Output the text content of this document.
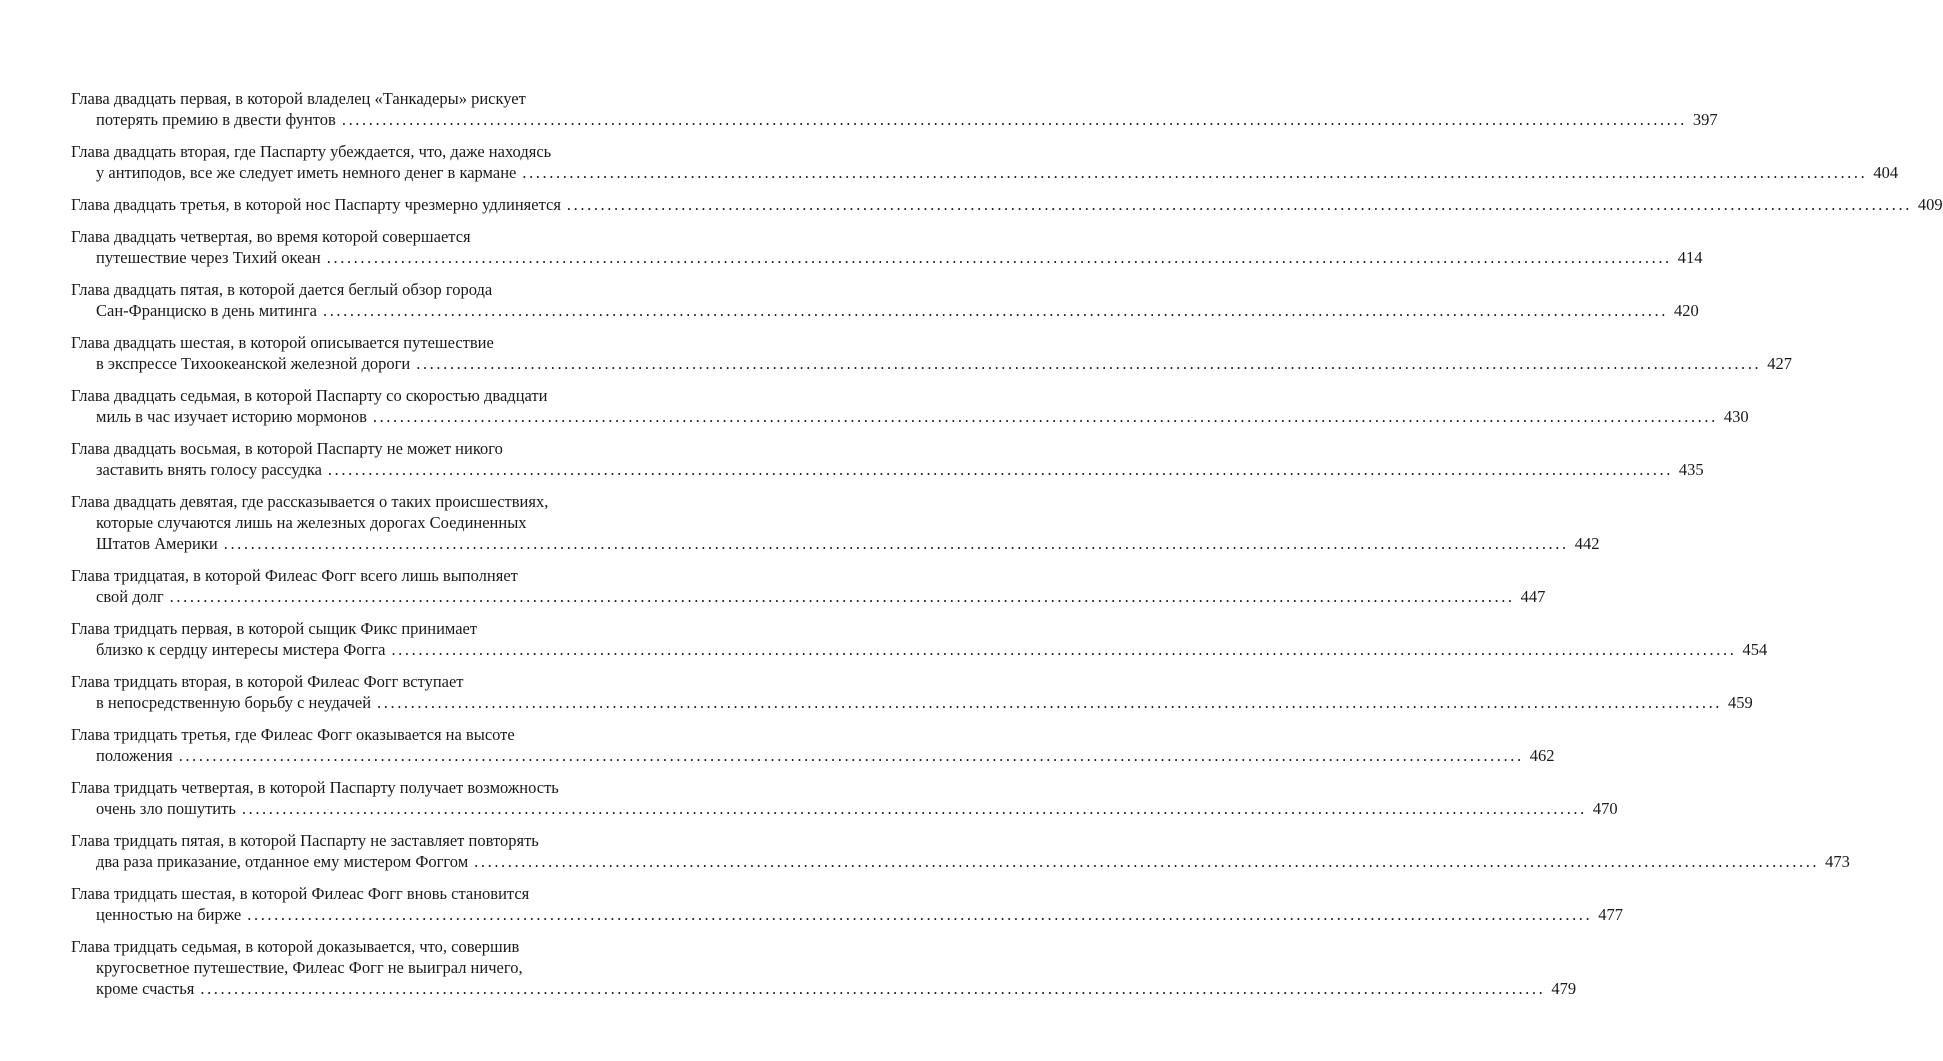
Глава двадцать первая, в которой владелец «Танкадеры» рискует
потерять премию в двести фунтов ........................................................................................................................................................................................................ 397
Глава двадцать вторая, где Паспарту убеждается, что, даже находясь
у антиподов, все же следует иметь немного денег в кармане ........................................................................................................................................................................................................ 404
Глава двадцать третья, в которой нос Паспарту чрезмерно удлиняется ........................................................................................................................................................................................................ 409
Глава двадцать четвертая, во время которой совершается
путешествие через Тихий океан ........................................................................................................................................................................................................ 414
Глава двадцать пятая, в которой дается беглый обзор города
Сан-Франциско в день митинга ........................................................................................................................................................................................................ 420
Глава двадцать шестая, в которой описывается путешествие
в экспрессе Тихоокеанской железной дороги ........................................................................................................................................................................................................ 427
Глава двадцать седьмая, в которой Паспарту со скоростью двадцати
миль в час изучает историю мормонов ........................................................................................................................................................................................................ 430
Глава двадцать восьмая, в которой Паспарту не может никого
заставить внять голосу рассудка ........................................................................................................................................................................................................ 435
Глава двадцать девятая, где рассказывается о таких происшествиях,
которые случаются лишь на железных дорогах Соединенных
Штатов Америки ........................................................................................................................................................................................................ 442
Глава тридцатая, в которой Филеас Фогг всего лишь выполняет
свой долг ........................................................................................................................................................................................................ 447
Глава тридцать первая, в которой сыщик Фикс принимает
близко к сердцу интересы мистера Фогга ........................................................................................................................................................................................................ 454
Глава тридцать вторая, в которой Филеас Фогг вступает
в непосредственную борьбу с неудачей ........................................................................................................................................................................................................ 459
Глава тридцать третья, где Филеас Фогг оказывается на высоте
положения ........................................................................................................................................................................................................ 462
Глава тридцать четвертая, в которой Паспарту получает возможность
очень зло пошутить ........................................................................................................................................................................................................ 470
Глава тридцать пятая, в которой Паспарту не заставляет повторять
два раза приказание, отданное ему мистером Фоггом ........................................................................................................................................................................................................ 473
Глава тридцать шестая, в которой Филеас Фогг вновь становится
ценностью на бирже ........................................................................................................................................................................................................ 477
Глава тридцать седьмая, в которой доказывается, что, совершив
кругосветное путешествие, Филеас Фогг не выиграл ничего,
кроме счастья ........................................................................................................................................................................................................ 479
